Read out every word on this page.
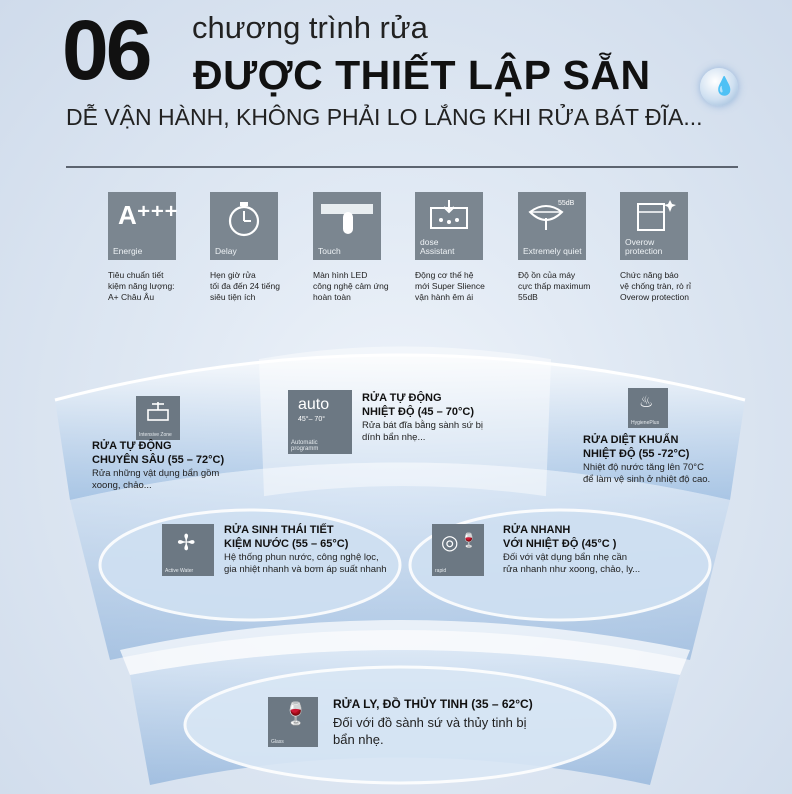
06 chương trình rửa
ĐƯỢC THIẾT LẬP SẴN
DỄ VẬN HÀNH, KHÔNG PHẢI LO LẮNG KHI RỬA BÁT ĐĨA...
💧
A⁺⁺⁺
Energie	Delay	Touch
dose
Assistant
55dB
Extremely quiet
Overow
protection
Tiêu chuẩn tiết
kiệm năng lượng:
A+ Châu Âu
Hẹn giờ rửa
tối đa đến 24 tiếng
siêu tiện ích
Màn hình LED
công nghệ cảm ứng
hoàn toàn
Động cơ thế hệ
mới Super Slience
vận hành êm ái
Độ ồn của máy
cực thấp maximum
55dB
Chức năng báo
vệ chống tràn, rò rỉ
Overow protection
Intensive Zone
RỬA TỰ ĐỘNG
CHUYÊN SÂU (55 – 72°C)
Rửa những vật dụng bẩn gồm
xoong, chảo...
auto
45°– 70°
Automatic
programm
RỬA TỰ ĐỘNG
NHIỆT ĐỘ (45 – 70°C)
Rửa bát đĩa bằng sành sứ bị
dính bẩn nhẹ...
♨
HygienePlus
RỬA DIỆT KHUẨN
NHIỆT ĐỘ (55 -72°C)
Nhiệt độ nước tăng lên 70°C
để làm vệ sinh ở nhiệt độ cao.
✢
Active Water
RỬA SINH THÁI TIẾT
KIỆM NƯỚC (55 – 65°C)
Hệ thống phun nước, công nghệ lọc,
gia nhiệt nhanh và bơm áp suất nhanh
◎ 🍷
rapid
RỬA NHANH
VỚI NHIỆT ĐỘ (45°C )
Đối với vật dụng bẩn nhẹ cần
rửa nhanh như xoong, chảo, ly...
🍷
Glass
RỬA LY, ĐỒ THỦY TINH (35 – 62°C)
Đối với đồ sành sứ và thủy tinh bị
bẩn nhẹ.
